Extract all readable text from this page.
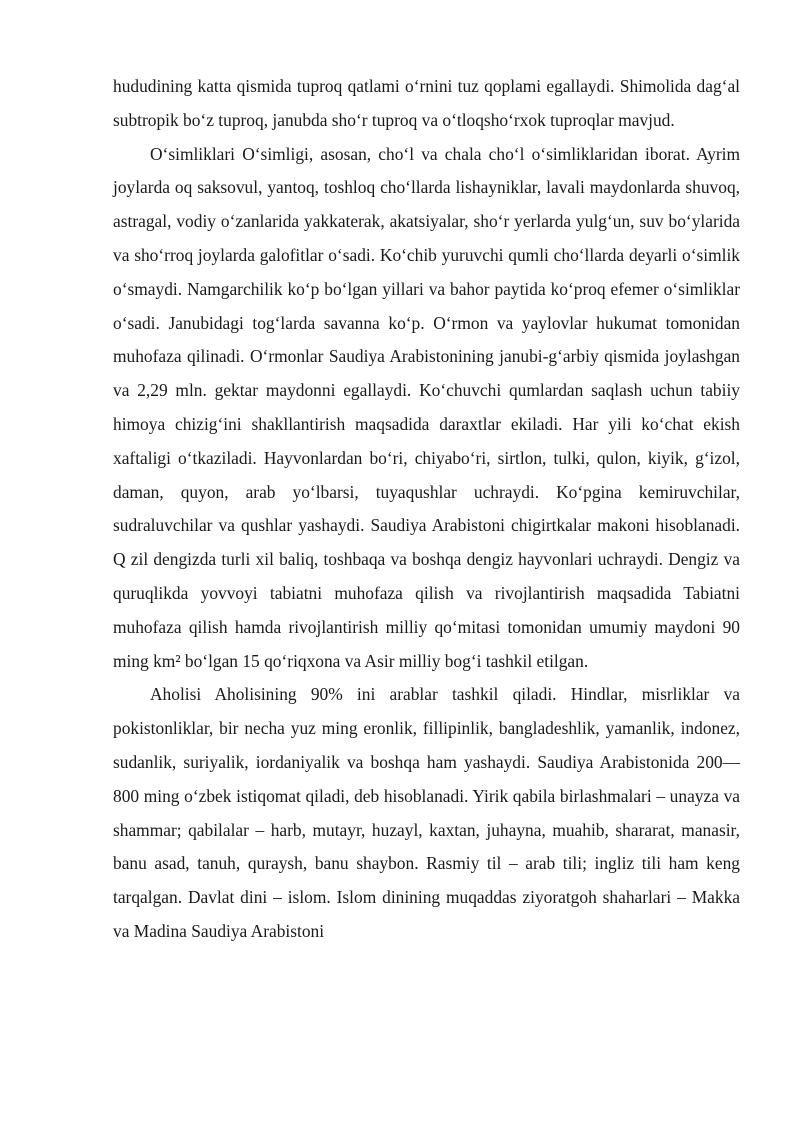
hududining katta qismida tuproq qatlami oʻrnini tuz qoplami egallaydi. Shimolida dagʻal subtropik boʻz tuproq, janubda shoʻr tuproq va oʻtloqshoʻrxok tuproqlar mavjud.

Oʻsimliklari Oʻsimligi, asosan, choʻl va chala choʻl oʻsimliklaridan iborat. Ayrim joylarda oq saksovul, yantoq, toshloq choʻllarda lishayniklar, lavali maydonlarda shuvoq, astragal, vodiy oʻzanlarida yakkaterak, akatsiyalar, shoʻr yerlarda yulgʻun, suv boʻylarida va shoʻrroq joylarda galofitlar oʻsadi. Koʻchib yuruvchi qumli choʻllarda deyarli oʻsimlik oʻsmaydi. Namgarchilik koʻp boʻlgan yillari va bahor paytida koʻproq efemer oʻsimliklar oʻsadi. Janubidagi togʻlarda savanna koʻp. Oʻrmon va yaylovlar hukumat tomonidan muhofaza qilinadi. Oʻrmonlar Saudiya Arabistonining janubi-gʻarbiy qismida joylashgan va 2,29 mln. gektar maydonni egallaydi. Koʻchuvchi qumlardan saqlash uchun tabiiy himoya chizigʻini shakllantirish maqsadida daraxtlar ekiladi. Har yili koʻchat ekish xaftaligi oʻtkaziladi. Hayvonlardan boʻri, chiyaboʻri, sirtlon, tulki, qulon, kiyik, gʻizol, daman, quyon, arab yoʻlbarsi, tuyaqushlar uchraydi. Koʻpgina kemiruvchilar, sudraluvchilar va qushlar yashaydi. Saudiya Arabistoni chigirtkalar makoni hisoblanadi. Q zil dengizda turli xil baliq, toshbaqa va boshqa dengiz hayvonlari uchraydi. Dengiz va quruqlikda yovvoyi tabiatni muhofaza qilish va rivojlantirish maqsadida Tabiatni muhofaza qilish hamda rivojlantirish milliy qoʻmitasi tomonidan umumiy maydoni 90 ming km² boʻlgan 15 qoʻriqxona va Asir milliy bogʻi tashkil etilgan.

Aholisi Aholisining 90% ini arablar tashkil qiladi. Hindlar, misrliklar va pokistonliklar, bir necha yuz ming eronlik, fillipinlik, bangladeshlik, yamanlik, indonez, sudanlik, suriyalik, iordaniyalik va boshqa ham yashaydi. Saudiya Arabistonida 200—800 ming oʻzbek istiqomat qiladi, deb hisoblanadi. Yirik qabila birlashmalari – unayza va shammar; qabilalar – harb, mutayr, huzayl, kaxtan, juhayna, muahib, shararat, manasir, banu asad, tanuh, quraysh, banu shaybon. Rasmiy til – arab tili; ingliz tili ham keng tarqalgan. Davlat dini – islom. Islom dinining muqaddas ziyoratgoh shaharlari – Makka va Madina Saudiya Arabistoni
